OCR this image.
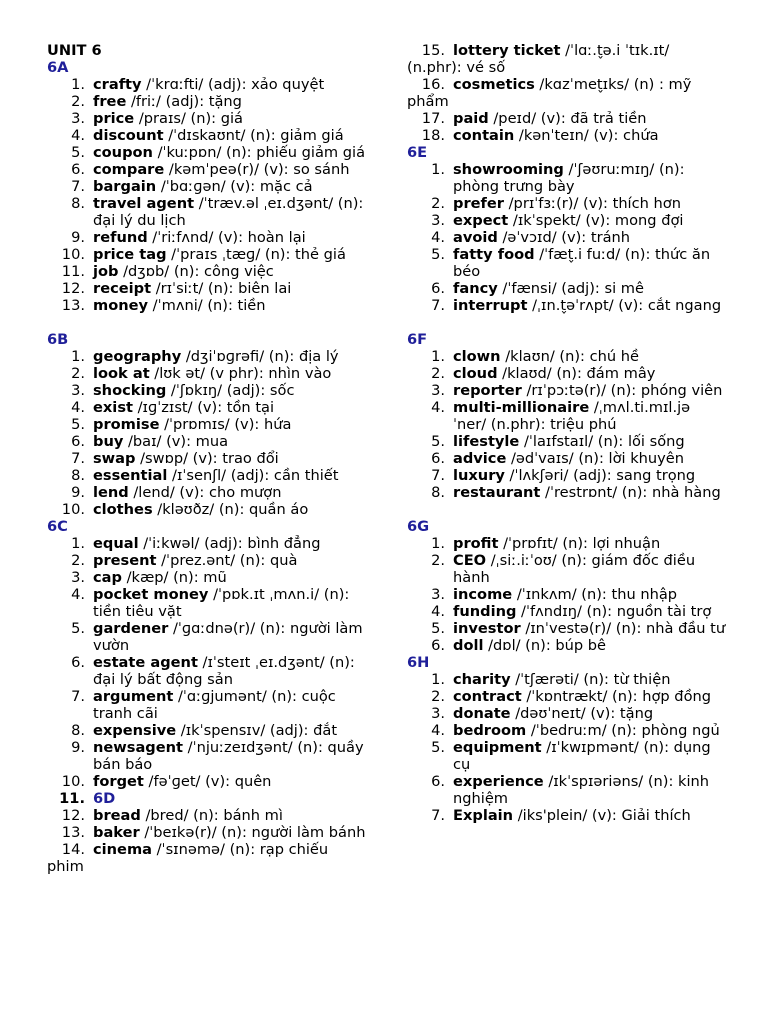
UNIT 6
6A
1. crafty /ˈkrɑːfti/ (adj): xảo quyệt
2. free /friː/ (adj): tặng
3. price /praɪs/ (n): giá
4. discount /ˈdɪskaʊnt/ (n): giảm giá
5. coupon /ˈkuːpɒn/ (n): phiếu giảm giá
6. compare /kəmˈpeə(r)/ (v): so sánh
7. bargain /ˈbɑːɡən/ (v): mặc cả
8. travel agent /ˈtræv.əl ˌeɪ.dʒənt/ (n): đại lý du lịch
9. refund /ˈriːfʌnd/ (v): hoàn lại
10. price tag /ˈpraɪs ˌtæɡ/ (n): thẻ giá
11. job /dʒɒb/ (n): công việc
12. receipt /rɪˈsiːt/ (n): biên lai
13. money /ˈmʌni/ (n): tiền
6B
1. geography /dʒiˈɒɡrəfi/ (n): địa lý
2. look at /lʊk ət/ (v phr): nhìn vào
3. shocking /ˈʃɒkɪŋ/ (adj): sốc
4. exist /ɪɡˈzɪst/ (v): tồn tại
5. promise /ˈprɒmɪs/ (v): hứa
6. buy /baɪ/ (v): mua
7. swap /swɒp/ (v): trao đổi
8. essential /ɪˈsenʃl/ (adj): cần thiết
9. lend /lend/ (v): cho mượn
10. clothes /kləʊðz/ (n): quần áo
6C
1. equal /ˈiːkwəl/ (adj): bình đẳng
2. present /ˈprez.ənt/ (n): quà
3. cap /kæp/ (n): mũ
4. pocket money /ˈpɒk.ɪt ˌmʌn.i/ (n): tiền tiêu vặt
5. gardener /ˈɡɑːdnə(r)/ (n): người làm vườn
6. estate agent /ɪˈsteɪt ˌeɪ.dʒənt/ (n): đại lý bất động sản
7. argument /ˈɑːɡjumənt/ (n): cuộc tranh cãi
8. expensive /ɪkˈspensɪv/ (adj): đắt
9. newsagent /ˈnjuːzeɪdʒənt/ (n): quầy bán báo
10. forget /fəˈɡet/ (v): quên
11. 6D
12. bread /bred/ (n): bánh mì
13. baker /ˈbeɪkə(r)/ (n): người làm bánh
14. cinema /ˈsɪnəmə/ (n): rạp chiếu phim
15. lottery ticket /ˈlɑː.t̬ə.i ˈtɪk.ɪt/ (n.phr): vé số
16. cosmetics /kɑzˈmet̬ɪks/ (n) : mỹ phẩm
17. paid /peɪd/ (v): đã trả tiền
18. contain /kənˈteɪn/ (v): chứa
6E
1. showrooming /ˈʃəʊruːmɪŋ/ (n): phòng trưng bày
2. prefer /prɪˈfɜː(r)/ (v): thích hơn
3. expect /ɪkˈspekt/ (v): mong đợi
4. avoid /əˈvɔɪd/ (v): tránh
5. fatty food /ˈfæt̬.i fuːd/ (n): thức ăn béo
6. fancy /ˈfænsi/ (adj): si mê
7. interrupt /ˌɪn.t̬əˈrʌpt/ (v): cắt ngang
6F
1. clown /klaʊn/ (n): chú hề
2. cloud /klaʊd/ (n): đám mây
3. reporter /rɪˈpɔːtə(r)/ (n): phóng viên
4. multi-millionaire /ˌmʌl.ti.mɪl.jə ˈner/ (n.phr): triệu phú
5. lifestyle /ˈlaɪfstaɪl/ (n): lối sống
6. advice /ədˈvaɪs/ (n): lời khuyên
7. luxury /ˈlʌkʃəri/ (adj): sang trọng
8. restaurant /ˈrestrɒnt/ (n): nhà hàng
6G
1. profit /ˈprɒfɪt/ (n): lợi nhuận
2. CEO /ˌsiː.iːˈoʊ/ (n): giám đốc điều hành
3. income /ˈɪnkʌm/ (n): thu nhập
4. funding /ˈfʌndɪŋ/ (n): nguồn tài trợ
5. investor /ɪnˈvestə(r)/ (n): nhà đầu tư
6. doll /dɒl/ (n): búp bê
6H
1. charity /ˈtʃærəti/ (n): từ thiện
2. contract /ˈkɒntrækt/ (n): hợp đồng
3. donate /dəʊˈneɪt/ (v): tặng
4. bedroom /ˈbedruːm/ (n): phòng ngủ
5. equipment /ɪˈkwɪpmənt/ (n): dụng cụ
6. experience /ɪkˈspɪəriəns/ (n): kinh nghiệm
7. Explain /iks'plein/ (v): Giải thích
